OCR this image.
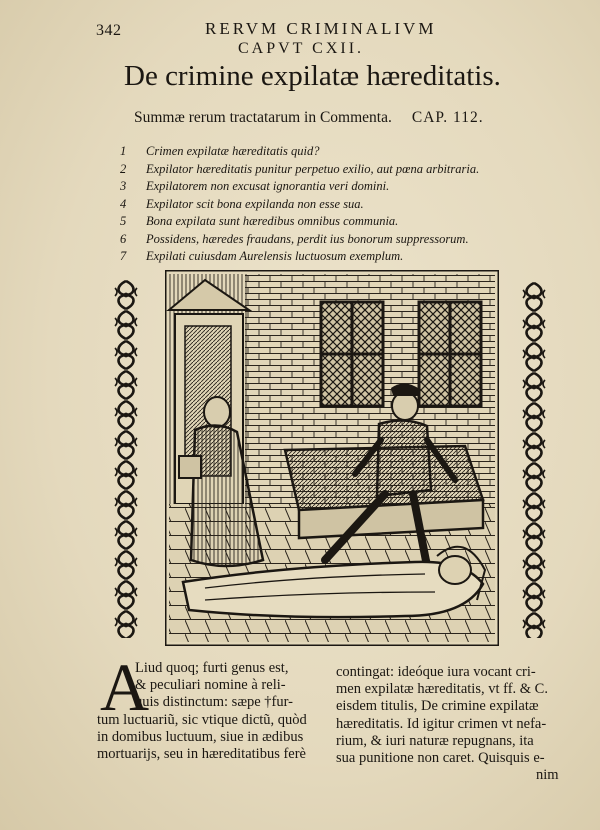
342	RERVM CRIMINALIVM
CAPVT CXII.
De crimine expilatæ hæreditatis.
Summæ rerum tractatarum in Commenta. CAP. 112.
1	Crimen expilatæ hæreditatis quid?
2	Expilator hæreditatis punitur perpetuo exilio, aut pœna arbitraria.
3	Expilatorem non excusat ignorantia veri domini.
4	Expilator scit bona expilanda non esse sua.
5	Bona expilata sunt hæredibus omnibus communia.
6	Possidens, hæredes fraudans, perdit ius bonorum suppressorum.
7	Expilati cuiusdam Aurelensis luctuosum exemplum.
A
Liud quoq; furti genus est,
& peculiari nomine à reli-
quis distinctum: sæpe †fur-
tum luctuariũ, sic vtique dictũ, quòd
in domibus luctuum, siue in ædibus
mortuarijs, seu in hæreditatibus ferè
contingat: ideóque iura vocant cri-
men expilatæ hæreditatis, vt ff. & C.
eisdem titulis, De crimine expilatæ
hæreditatis. Id igitur crimen vt nefa-
rium, & iuri naturæ repugnans, ita
sua punitione non caret. Quisquis e-
nim
